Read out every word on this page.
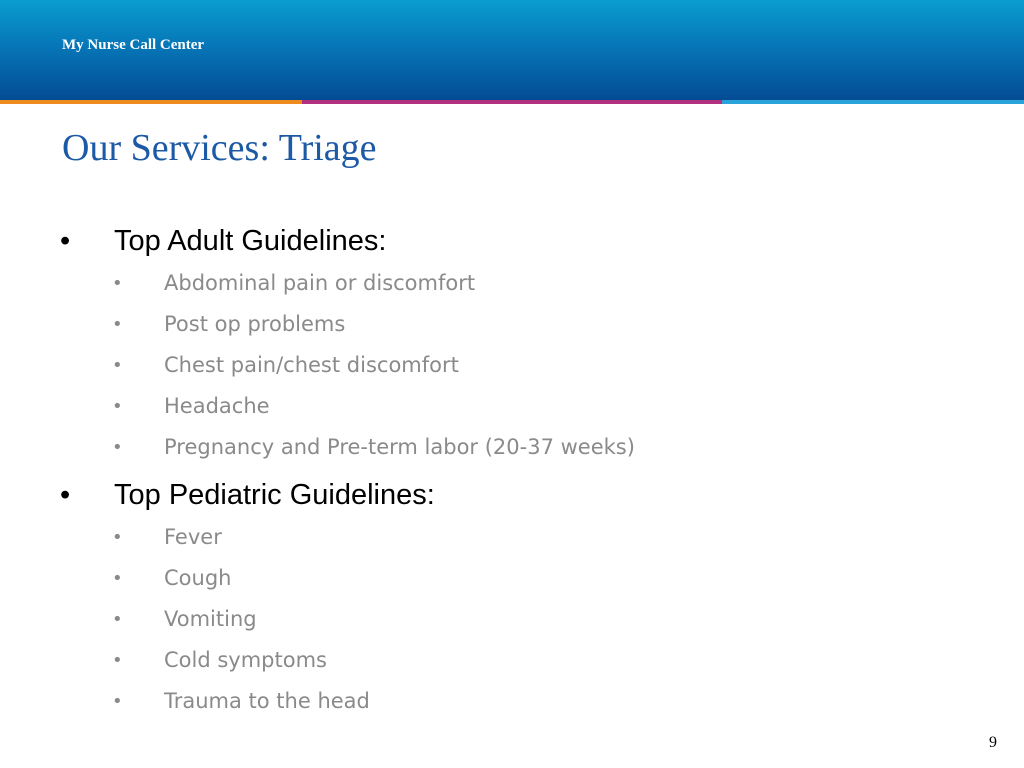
My Nurse Call Center
Our Services: Triage
• Top Adult Guidelines:
• Abdominal pain or discomfort
• Post op problems
• Chest pain/chest discomfort
• Headache
• Pregnancy and Pre-term labor (20-37 weeks)
• Top Pediatric Guidelines:
• Fever
• Cough
• Vomiting
• Cold symptoms
• Trauma to the head
9
